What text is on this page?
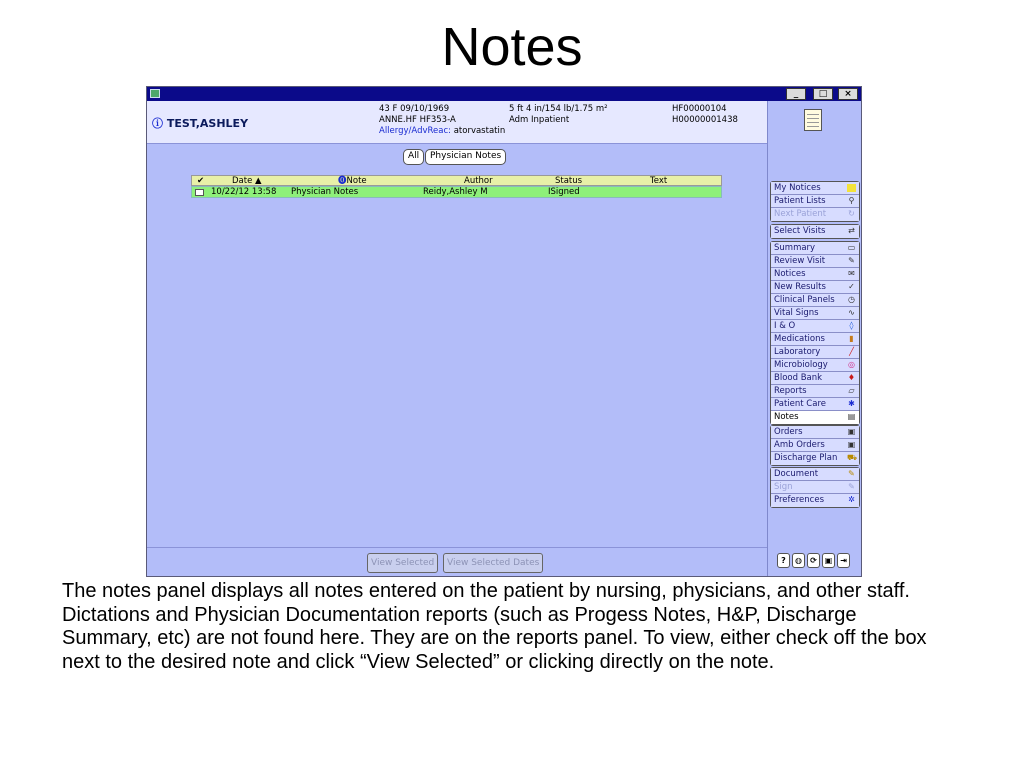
Notes
_	□	×
ⓘ TEST,ASHLEY
43 F 09/10/1969
ANNE.HF HF353-A
Allergy/AdvReac: atorvastatin
5 ft 4 in/154 lb/1.75 m²
Adm Inpatient
HF00000104
H00000001438
All	Physician Notes
✔	Date ▲	⓿Note	Author	Status	Text
10/22/12 13:58 Physician Notes	Reidy,Ashley M	ISigned	My Notices
Patient Lists	⚲
Next Patient	↻
Select Visits	⇄
Summary	▭
Review Visit	✎
Notices	✉
New Results	✓
Clinical Panels ◷
Vital Signs	∿
I & O	◊
Medications	▮
Laboratory	╱
Microbiology	◎
Blood Bank	♦
Reports	▱
Patient Care	✱
Notes	▤
Orders	▣
Amb Orders	▣
Discharge Plan ⛟
Document	✎
Sign	✎
Preferences	✲
?	◍	⟳ ▣ ⇥
View Selected	View Selected Dates
The notes panel displays all notes entered on the patient by nursing, physicians, and other staff. Dictations and Physician Documentation reports (such as Progess Notes, H&P, Discharge Summary, etc) are not found here. They are on the reports panel. To view, either check off the box next to the desired note and click “View Selected” or clicking directly on the note.
